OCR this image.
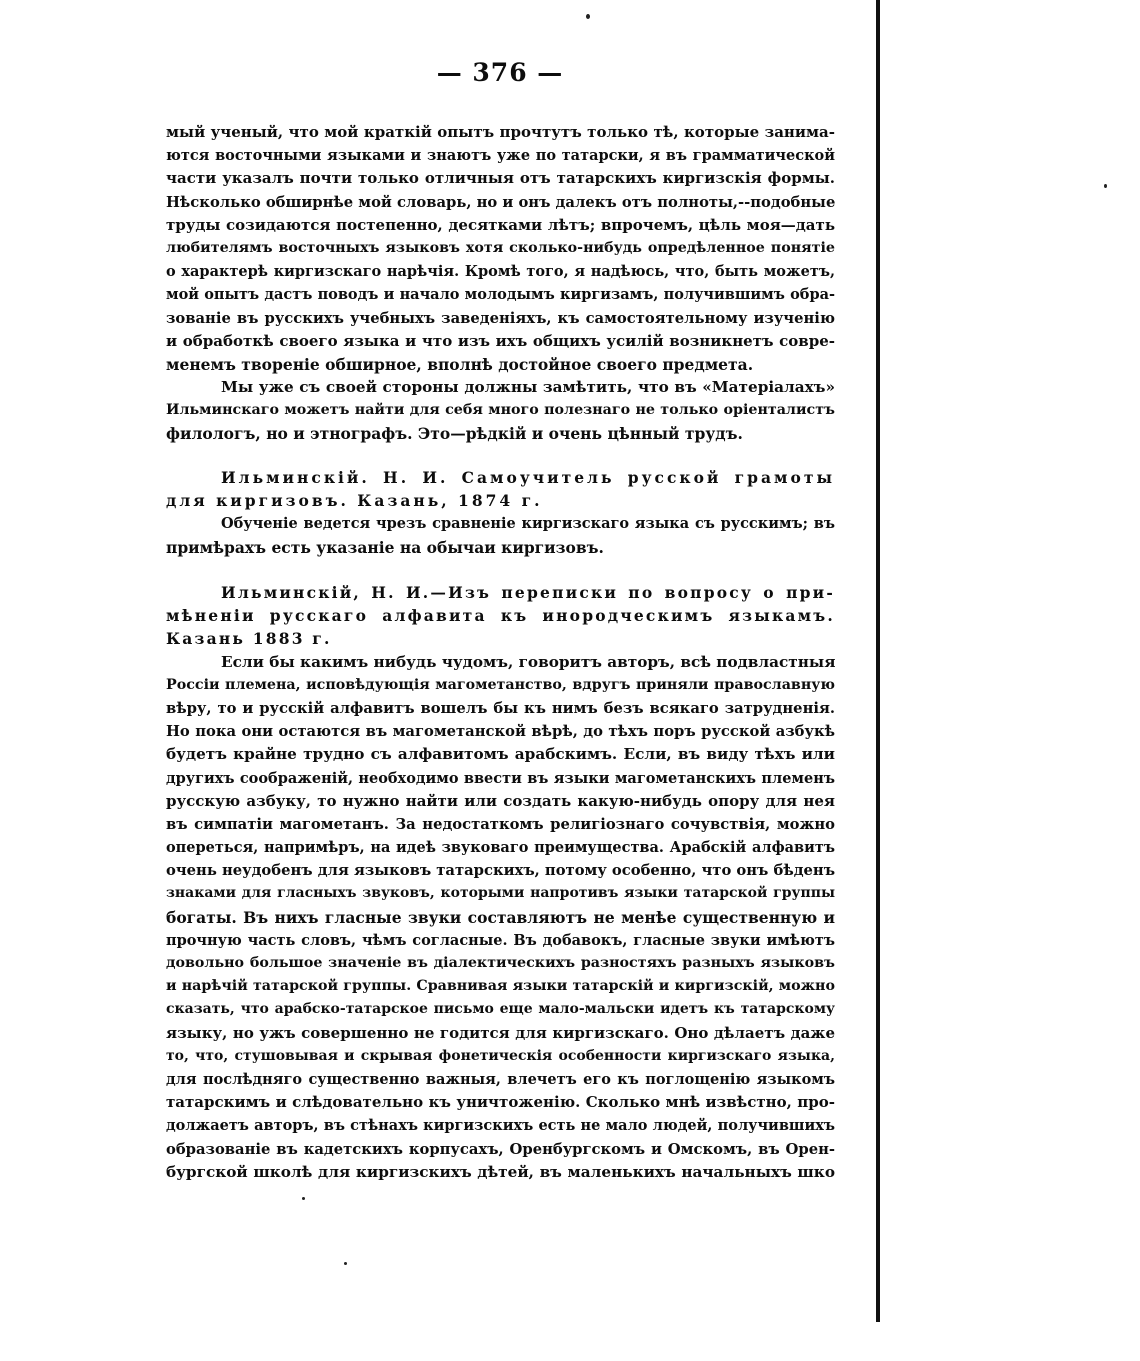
— 376 —
мый ученый, что мой краткій опытъ прочтутъ только тѣ, которые занима-
ются восточными языками и знаютъ уже по татарски, я въ грамматической
части указалъ почти только отличныя отъ татарскихъ киргизскія формы.
Нѣсколько обширнѣе мой словарь, но и онъ далекъ отъ полноты,--подобные
труды созидаются постепенно, десятками лѣтъ; впрочемъ, цѣль моя—дать
любителямъ восточныхъ языковъ хотя сколько-нибудь опредѣленное понятіе
о характерѣ киргизскаго нарѣчія. Кромѣ того, я надѣюсь, что, быть можетъ,
мой опытъ дастъ поводъ и начало молодымъ киргизамъ, получившимъ обра-
зованіе въ русскихъ учебныхъ заведеніяхъ, къ самостоятельному изученію
и обработкѣ своего языка и что изъ ихъ общихъ усилій возникнетъ совре-
менемъ твореніе обширное, вполнѣ достойное своего предмета.
Мы уже съ своей стороны должны замѣтить, что въ «Матеріалахъ»
Ильминскаго можетъ найти для себя много полезнаго не только оріенталистъ
филологъ, но и этнографъ. Это—рѣдкій и очень цѣнный трудъ.
Ильминскій. Н. И. Самоучитель русской грамоты
для киргизовъ. Казань, 1874 г.
Обученіе ведется чрезъ сравненіе киргизскаго языка съ русскимъ; въ
примѣрахъ есть указаніе на обычаи киргизовъ.
Ильминскій, Н. И.—Изъ переписки по вопросу о при-
мѣненіи русскаго алфавита къ инородческимъ языкамъ.
Казань 1883 г.
Если бы какимъ нибудь чудомъ, говоритъ авторъ, всѣ подвластныя
Россіи племена, исповѣдующія магометанство, вдругъ приняли православную
вѣру, то и русскій алфавитъ вошелъ бы къ нимъ безъ всякаго затрудненія.
Но пока они остаются въ магометанской вѣрѣ, до тѣхъ поръ русской азбукѣ
будетъ крайне трудно съ алфавитомъ арабскимъ. Если, въ виду тѣхъ или
другихъ соображеній, необходимо ввести въ языки магометанскихъ племенъ
русскую азбуку, то нужно найти или создать какую-нибудь опору для нея
въ симпатіи магометанъ. За недостаткомъ религіознаго сочувствія, можно
опереться, напримѣръ, на идеѣ звуковаго преимущества. Арабскій алфавитъ
очень неудобенъ для языковъ татарскихъ, потому особенно, что онъ бѣденъ
знаками для гласныхъ звуковъ, которыми напротивъ языки татарской группы
богаты. Въ нихъ гласные звуки составляютъ не менѣе существенную и
прочную часть словъ, чѣмъ согласные. Въ добавокъ, гласные звуки имѣютъ
довольно большое значеніе въ діалектическихъ разностяхъ разныхъ языковъ
и нарѣчій татарской группы. Сравнивая языки татарскій и киргизскій, можно
сказать, что арабско-татарское письмо еще мало-мальски идетъ къ татарскому
языку, но ужъ совершенно не годится для киргизскаго. Оно дѣлаетъ даже
то, что, стушовывая и скрывая фонетическія особенности киргизскаго языка,
для послѣдняго существенно важныя, влечетъ его къ поглощенію языкомъ
татарскимъ и слѣдовательно къ уничтоженію. Сколько мнѣ извѣстно, про-
должаетъ авторъ, въ стѣнахъ киргизскихъ есть не мало людей, получившихъ
образованіе въ кадетскихъ корпусахъ, Оренбургскомъ и Омскомъ, въ Орен-
бургской школѣ для киргизскихъ дѣтей, въ маленькихъ начальныхъ шко
